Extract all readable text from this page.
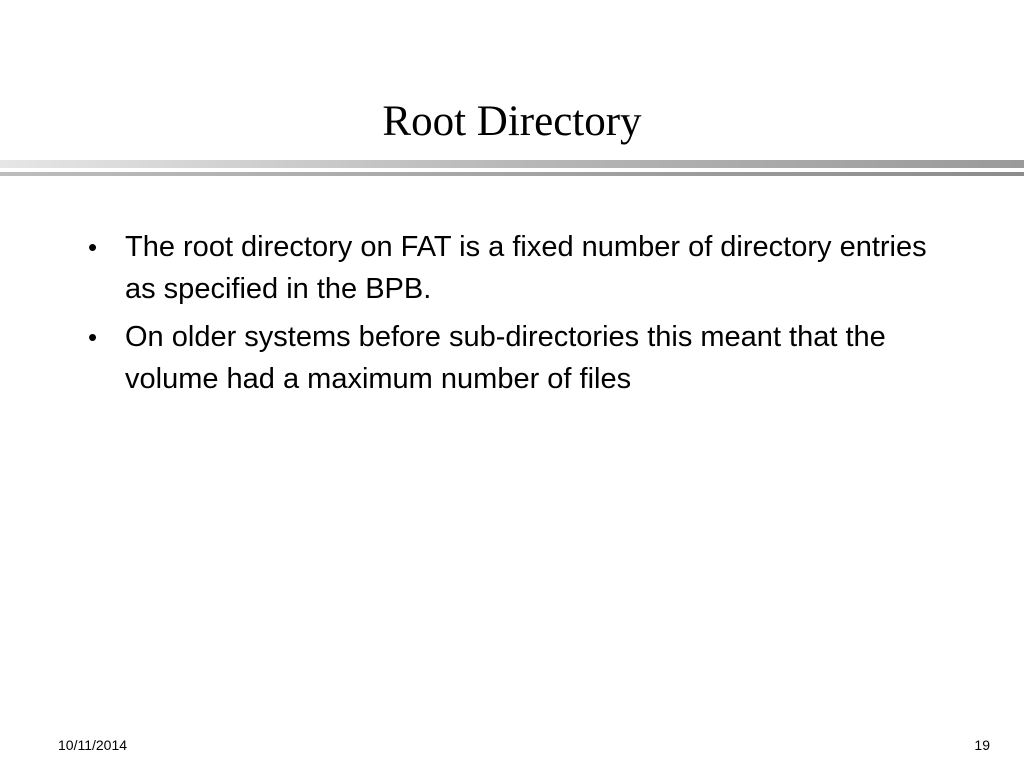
Root Directory
• The root directory on FAT is a fixed number of directory entries as specified in the BPB.
• On older systems before sub-directories this meant that the volume had a maximum number of files
10/11/2014	19
